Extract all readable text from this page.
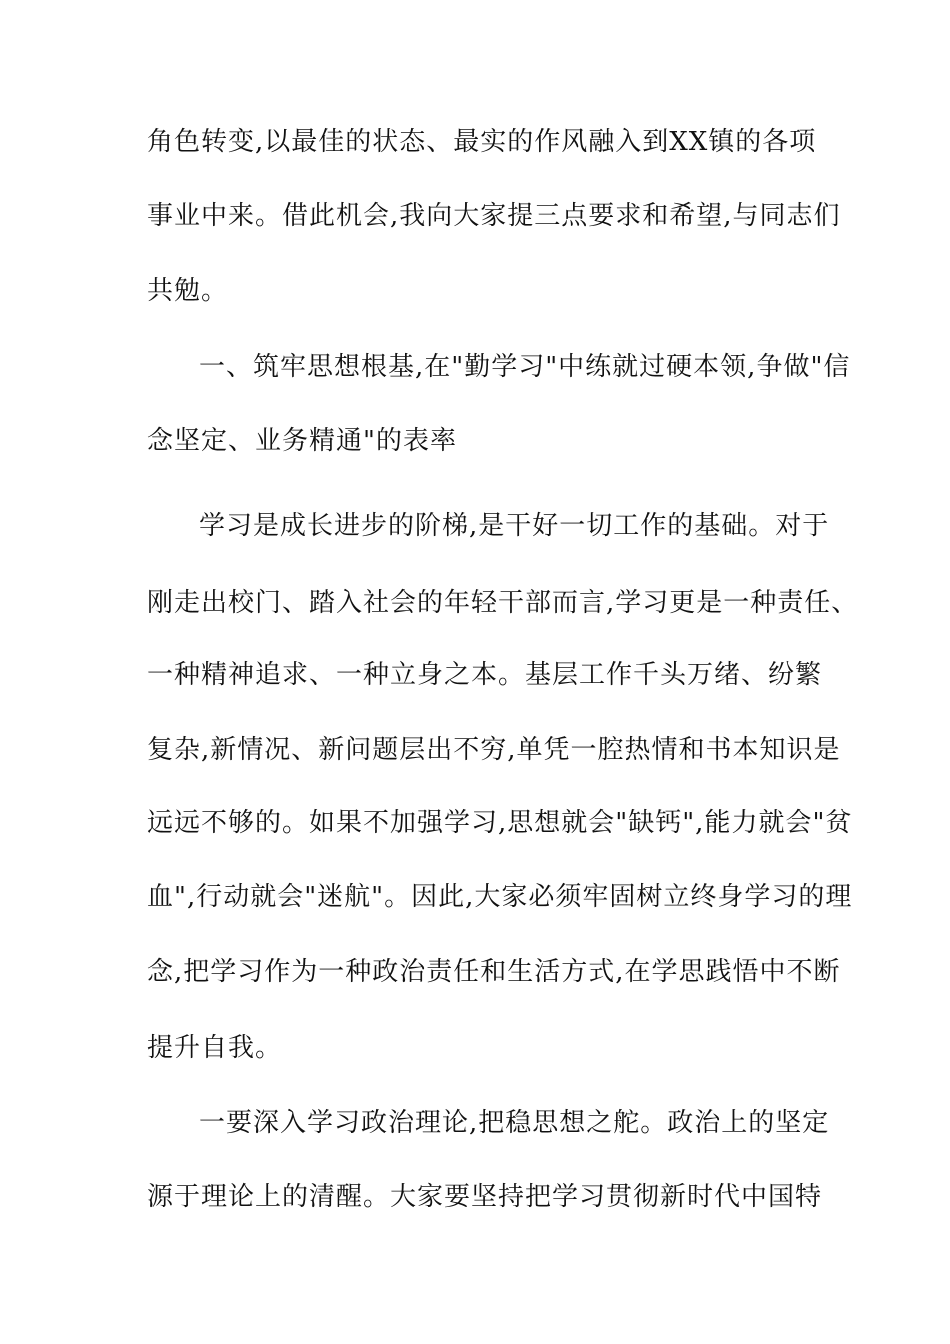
角色转变,以最佳的状态、最实的作风融入到XX镇的各项
事业中来。借此机会,我向大家提三点要求和希望,与同志们
共勉。
一、筑牢思想根基,在"勤学习"中练就过硬本领,争做"信
念坚定、业务精通"的表率
学习是成长进步的阶梯,是干好一切工作的基础。对于
刚走出校门、踏入社会的年轻干部而言,学习更是一种责任、
一种精神追求、一种立身之本。基层工作千头万绪、纷繁
复杂,新情况、新问题层出不穷,单凭一腔热情和书本知识是
远远不够的。如果不加强学习,思想就会"缺钙",能力就会"贫
血",行动就会"迷航"。因此,大家必须牢固树立终身学习的理
念,把学习作为一种政治责任和生活方式,在学思践悟中不断
提升自我。
一要深入学习政治理论,把稳思想之舵。政治上的坚定
源于理论上的清醒。大家要坚持把学习贯彻新时代中国特
